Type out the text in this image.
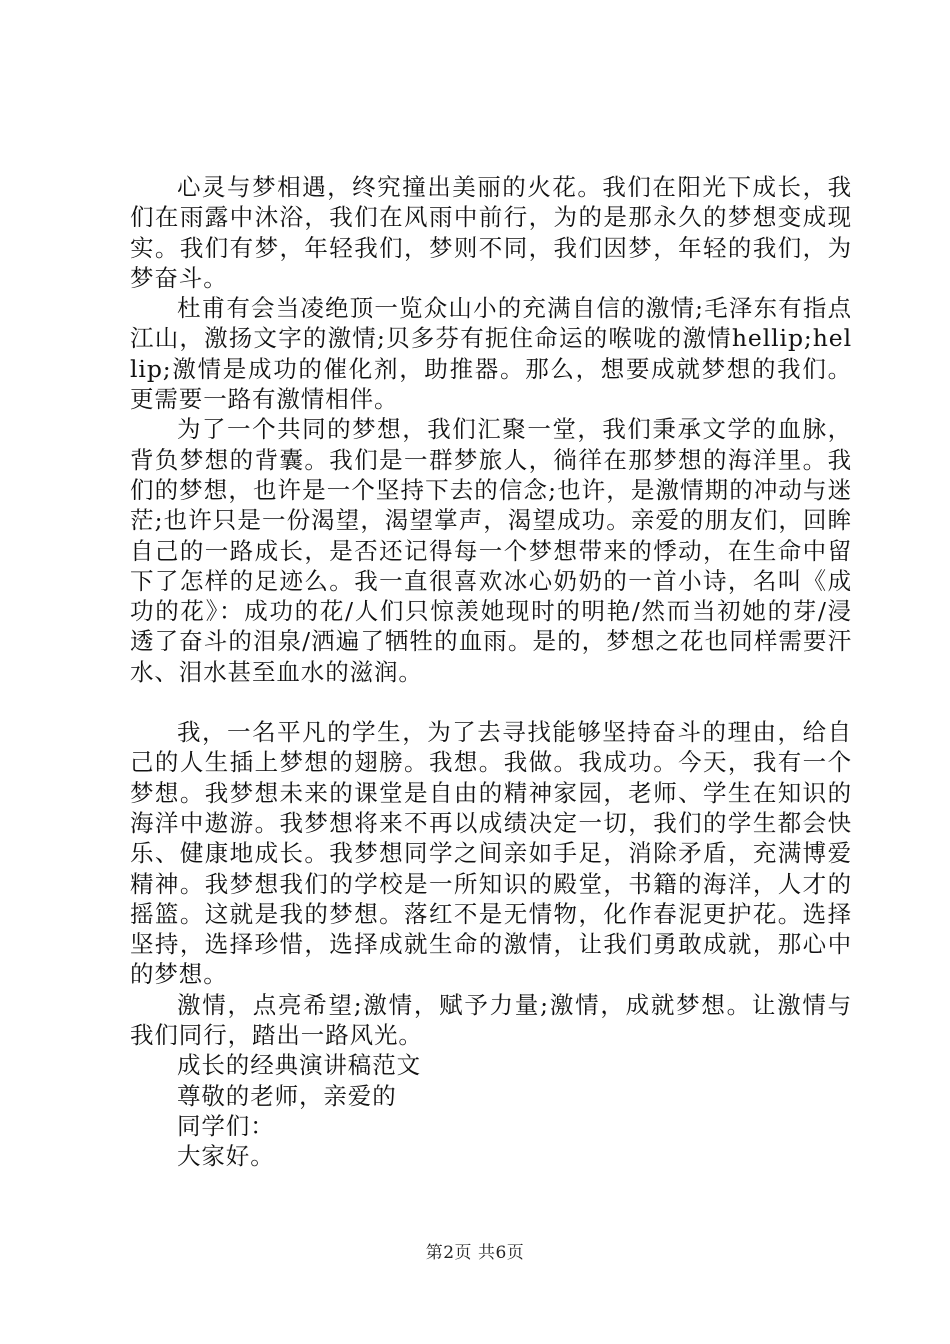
心灵与梦相遇，终究撞出美丽的火花。我们在阳光下成长，我们在雨露中沐浴，我们在风雨中前行，为的是那永久的梦想变成现实。我们有梦，年轻我们，梦则不同，我们因梦，年轻的我们，为梦奋斗。

杜甫有会当凌绝顶一览众山小的充满自信的激情;毛泽东有指点江山，激扬文字的激情;贝多芬有扼住命运的喉咙的激情hellip;hellip;激情是成功的催化剂，助推器。那么，想要成就梦想的我们。更需要一路有激情相伴。

为了一个共同的梦想，我们汇聚一堂，我们秉承文学的血脉，背负梦想的背囊。我们是一群梦旅人，徜徉在那梦想的海洋里。我们的梦想，也许是一个坚持下去的信念;也许，是激情期的冲动与迷茫;也许只是一份渴望，渴望掌声，渴望成功。亲爱的朋友们，回眸自己的一路成长，是否还记得每一个梦想带来的悸动，在生命中留下了怎样的足迹么。我一直很喜欢冰心奶奶的一首小诗，名叫《成功的花》：成功的花/人们只惊羡她现时的明艳/然而当初她的芽/浸透了奋斗的泪泉/洒遍了牺牲的血雨。是的，梦想之花也同样需要汗水、泪水甚至血水的滋润。

我，一名平凡的学生，为了去寻找能够坚持奋斗的理由，给自己的人生插上梦想的翅膀。我想。我做。我成功。今天，我有一个梦想。我梦想未来的课堂是自由的精神家园，老师、学生在知识的海洋中遨游。我梦想将来不再以成绩决定一切，我们的学生都会快乐、健康地成长。我梦想同学之间亲如手足，消除矛盾，充满博爱精神。我梦想我们的学校是一所知识的殿堂，书籍的海洋，人才的摇篮。这就是我的梦想。落红不是无情物，化作春泥更护花。选择坚持，选择珍惜，选择成就生命的激情，让我们勇敢成就，那心中的梦想。

激情，点亮希望;激情，赋予力量;激情，成就梦想。让激情与我们同行，踏出一路风光。

成长的经典演讲稿范文

尊敬的老师，亲爱的

同学们：

大家好。

第2页 共6页
